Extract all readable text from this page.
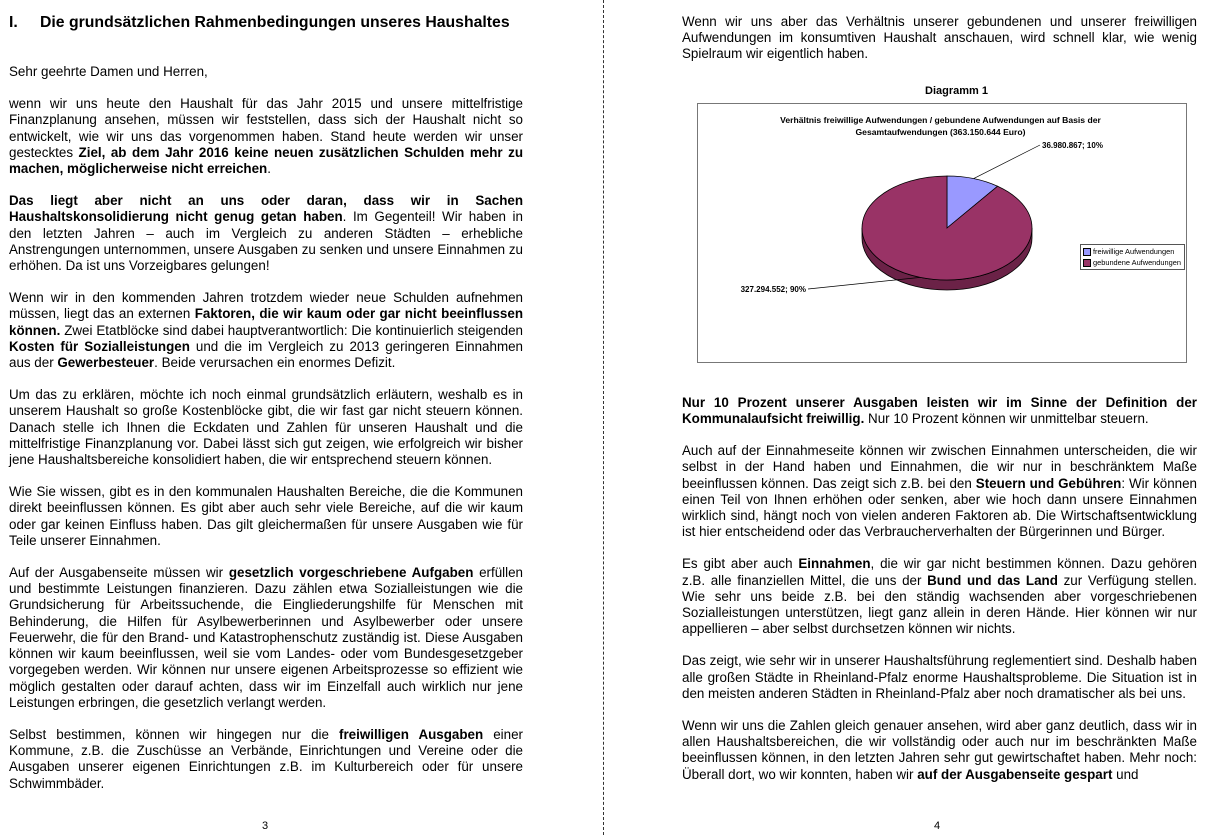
I. Die grundsätzlichen Rahmenbedingungen unseres Haushaltes

Sehr geehrte Damen und Herren,

wenn wir uns heute den Haushalt für das Jahr 2015 und unsere mittelfristige Finanzplanung ansehen, müssen wir feststellen, dass sich der Haushalt nicht so entwickelt, wie wir uns das vorgenommen haben. Stand heute werden wir unser gestecktes Ziel, ab dem Jahr 2016 keine neuen zusätzlichen Schulden mehr zu machen, möglicherweise nicht erreichen.

Das liegt aber nicht an uns oder daran, dass wir in Sachen Haushaltskonsolidierung nicht genug getan haben. Im Gegenteil! Wir haben in den letzten Jahren – auch im Vergleich zu anderen Städten – erhebliche Anstrengungen unternommen, unsere Ausgaben zu senken und unsere Einnahmen zu erhöhen. Da ist uns Vorzeigbares gelungen!

Wenn wir in den kommenden Jahren trotzdem wieder neue Schulden aufnehmen müssen, liegt das an externen Faktoren, die wir kaum oder gar nicht beeinflussen können. Zwei Etatblöcke sind dabei hauptverantwortlich: Die kontinuierlich steigenden Kosten für Sozialleistungen und die im Vergleich zu 2013 geringeren Einnahmen aus der Gewerbesteuer. Beide verursachen ein enormes Defizit.

Um das zu erklären, möchte ich noch einmal grundsätzlich erläutern, weshalb es in unserem Haushalt so große Kostenblöcke gibt, die wir fast gar nicht steuern können. Danach stelle ich Ihnen die Eckdaten und Zahlen für unseren Haushalt und die mittelfristige Finanzplanung vor. Dabei lässt sich gut zeigen, wie erfolgreich wir bisher jene Haushaltsbereiche konsolidiert haben, die wir entsprechend steuern können.

Wie Sie wissen, gibt es in den kommunalen Haushalten Bereiche, die die Kommunen direkt beeinflussen können. Es gibt aber auch sehr viele Bereiche, auf die wir kaum oder gar keinen Einfluss haben. Das gilt gleichermaßen für unsere Ausgaben wie für Teile unserer Einnahmen.

Auf der Ausgabenseite müssen wir gesetzlich vorgeschriebene Aufgaben erfüllen und bestimmte Leistungen finanzieren. Dazu zählen etwa Sozialleistungen wie die Grundsicherung für Arbeitssuchende, die Eingliederungshilfe für Menschen mit Behinderung, die Hilfen für Asylbewerberinnen und Asylbewerber oder unsere Feuerwehr, die für den Brand- und Katastrophenschutz zuständig ist. Diese Ausgaben können wir kaum beeinflussen, weil sie vom Landes- oder vom Bundesgesetzgeber vorgegeben werden. Wir können nur unsere eigenen Arbeitsprozesse so effizient wie möglich gestalten oder darauf achten, dass wir im Einzelfall auch wirklich nur jene Leistungen erbringen, die gesetzlich verlangt werden.

Selbst bestimmen, können wir hingegen nur die freiwilligen Ausgaben einer Kommune, z.B. die Zuschüsse an Verbände, Einrichtungen und Vereine oder die Ausgaben unserer eigenen Einrichtungen z.B. im Kulturbereich oder für unsere Schwimmbäder.

3

Wenn wir uns aber das Verhältnis unserer gebundenen und unserer freiwilligen Aufwendungen im konsumtiven Haushalt anschauen, wird schnell klar, wie wenig Spielraum wir eigentlich haben.

Diagramm 1
Verhältnis freiwillige Aufwendungen / gebundene Aufwendungen auf Basis der
Gesamtaufwendungen (363.150.644 Euro)
36.980.867; 10%
327.294.552; 90%
freiwillige Aufwendungen
gebundene Aufwendungen

Nur 10 Prozent unserer Ausgaben leisten wir im Sinne der Definition der Kommunalaufsicht freiwillig. Nur 10 Prozent können wir unmittelbar steuern.

Auch auf der Einnahmeseite können wir zwischen Einnahmen unterscheiden, die wir selbst in der Hand haben und Einnahmen, die wir nur in beschränktem Maße beeinflussen können. Das zeigt sich z.B. bei den Steuern und Gebühren: Wir können einen Teil von Ihnen erhöhen oder senken, aber wie hoch dann unsere Einnahmen wirklich sind, hängt noch von vielen anderen Faktoren ab. Die Wirtschaftsentwicklung ist hier entscheidend oder das Verbraucherverhalten der Bürgerinnen und Bürger.

Es gibt aber auch Einnahmen, die wir gar nicht bestimmen können. Dazu gehören z.B. alle finanziellen Mittel, die uns der Bund und das Land zur Verfügung stellen. Wie sehr uns beide z.B. bei den ständig wachsenden aber vorgeschriebenen Sozialleistungen unterstützen, liegt ganz allein in deren Hände. Hier können wir nur appellieren – aber selbst durchsetzen können wir nichts.

Das zeigt, wie sehr wir in unserer Haushaltsführung reglementiert sind. Deshalb haben alle großen Städte in Rheinland-Pfalz enorme Haushaltsprobleme. Die Situation ist in den meisten anderen Städten in Rheinland-Pfalz aber noch dramatischer als bei uns.

Wenn wir uns die Zahlen gleich genauer ansehen, wird aber ganz deutlich, dass wir in allen Haushaltsbereichen, die wir vollständig oder auch nur im beschränkten Maße beeinflussen können, in den letzten Jahren sehr gut gewirtschaftet haben. Mehr noch: Überall dort, wo wir konnten, haben wir auf der Ausgabenseite gespart und

4
